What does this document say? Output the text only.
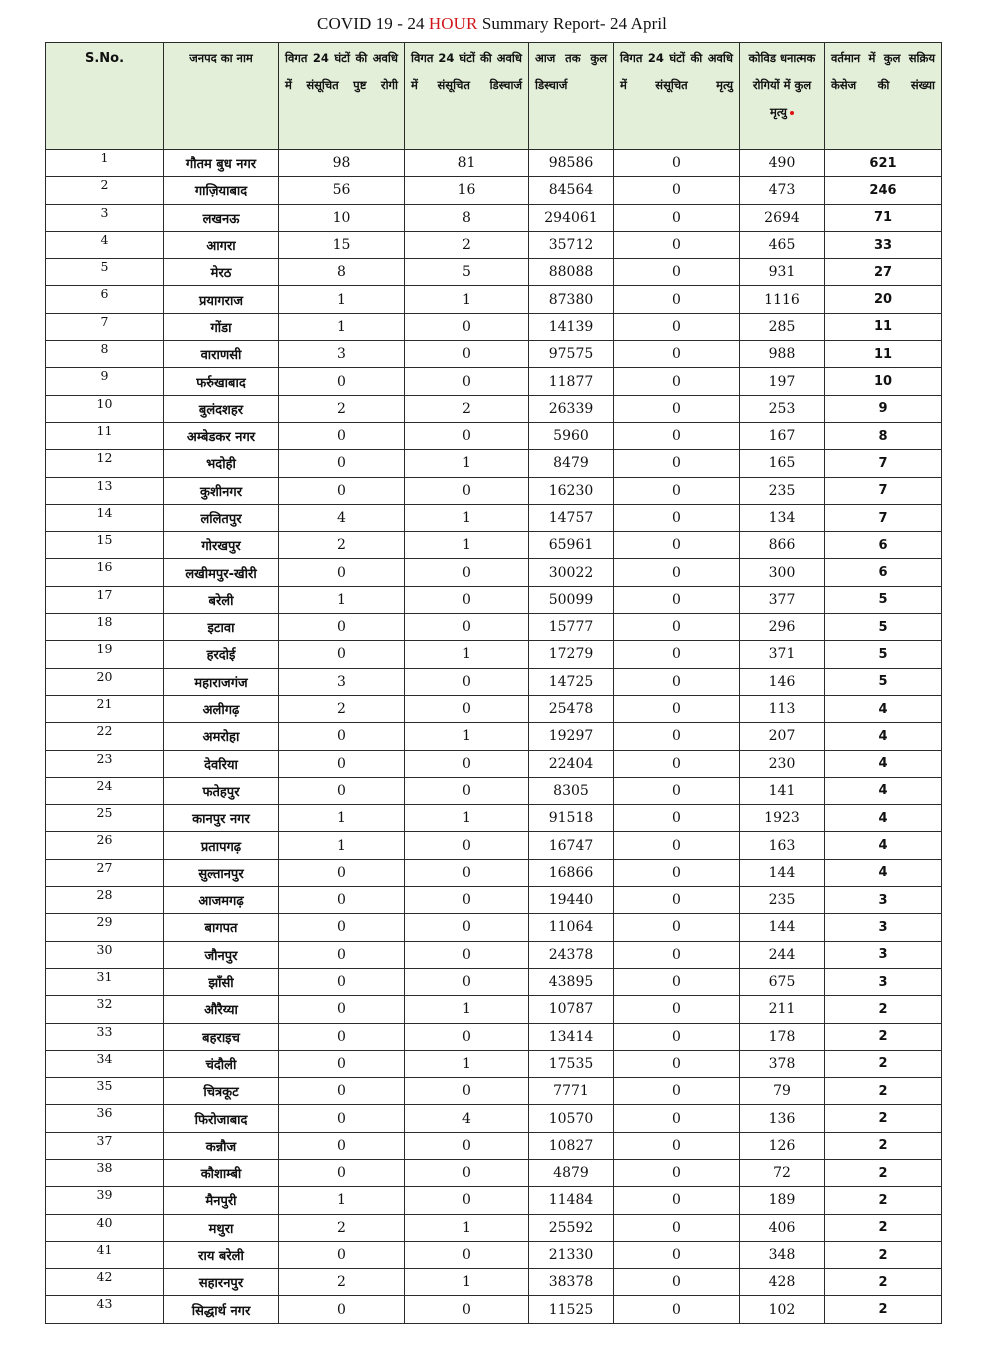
COVID 19 - 24 HOUR Summary Report- 24 April
S.No.	जनपद का नाम	विगत 24 घंटों की अवधि में संसूचित पुष्ट रोगी	विगत 24 घंटों की अवधि में संसूचित डिस्चार्ज	आज तक कुल डिस्चार्ज	विगत 24 घंटों की अवधि में संसूचित मृत्यु	कोविड धनात्मक रोगियों में कुल मृत्यु	वर्तमान में कुल सक्रिय केसेज की संख्या
1	गौतम बुध नगर	98	81	98586	0	490	621
2	गाज़ियाबाद	56	16	84564	0	473	246
3	लखनऊ	10	8	294061	0	2694	71
4	आगरा	15	2	35712	0	465	33
5	मेरठ	8	5	88088	0	931	27
6	प्रयागराज	1	1	87380	0	1116	20
7	गोंडा	1	0	14139	0	285	11
8	वाराणसी	3	0	97575	0	988	11
9	फर्रुखाबाद	0	0	11877	0	197	10
10	बुलंदशहर	2	2	26339	0	253	9
11	अम्बेडकर नगर	0	0	5960	0	167	8
12	भदोही	0	1	8479	0	165	7
13	कुशीनगर	0	0	16230	0	235	7
14	ललितपुर	4	1	14757	0	134	7
15	गोरखपुर	2	1	65961	0	866	6
16	लखीमपुर-खीरी	0	0	30022	0	300	6
17	बरेली	1	0	50099	0	377	5
18	इटावा	0	0	15777	0	296	5
19	हरदोई	0	1	17279	0	371	5
20	महाराजगंज	3	0	14725	0	146	5
21	अलीगढ़	2	0	25478	0	113	4
22	अमरोहा	0	1	19297	0	207	4
23	देवरिया	0	0	22404	0	230	4
24	फतेहपुर	0	0	8305	0	141	4
25	कानपुर नगर	1	1	91518	0	1923	4
26	प्रतापगढ़	1	0	16747	0	163	4
27	सुल्तानपुर	0	0	16866	0	144	4
28	आजमगढ़	0	0	19440	0	235	3
29	बागपत	0	0	11064	0	144	3
30	जौनपुर	0	0	24378	0	244	3
31	झाँसी	0	0	43895	0	675	3
32	औरैय्या	0	1	10787	0	211	2
33	बहराइच	0	0	13414	0	178	2
34	चंदौली	0	1	17535	0	378	2
35	चित्रकूट	0	0	7771	0	79	2
36	फिरोजाबाद	0	4	10570	0	136	2
37	कन्नौज	0	0	10827	0	126	2
38	कौशाम्बी	0	0	4879	0	72	2
39	मैनपुरी	1	0	11484	0	189	2
40	मथुरा	2	1	25592	0	406	2
41	राय बरेली	0	0	21330	0	348	2
42	सहारनपुर	2	1	38378	0	428	2
43	सिद्धार्थ नगर	0	0	11525	0	102	2
